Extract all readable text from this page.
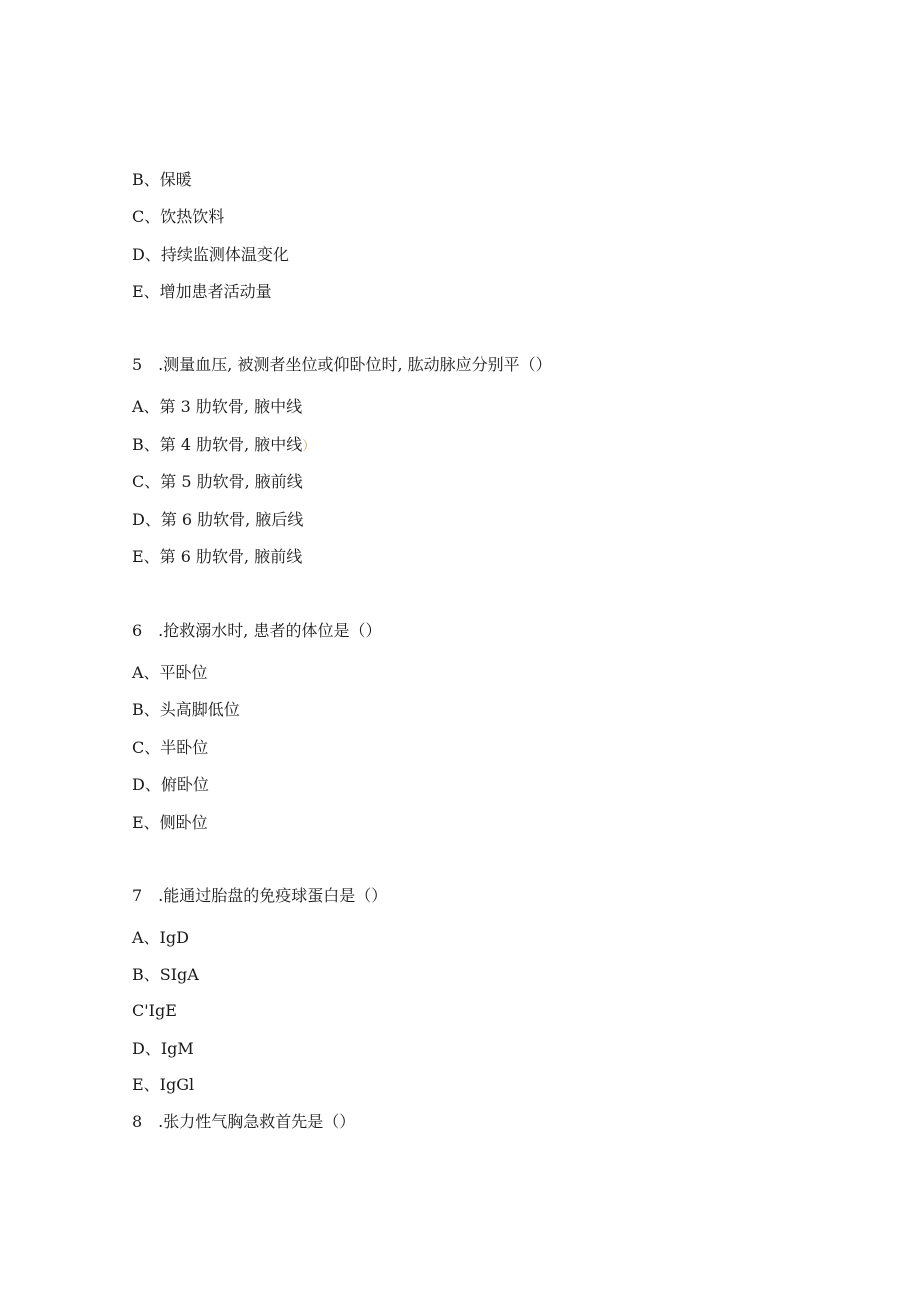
B、保暖
C、饮热饮料
D、持续监测体温变化
E、增加患者活动量
5　.测量血压, 被测者坐位或仰卧位时, 肱动脉应分别平（）
A、第 3 肋软骨, 腋中线
B、第 4 肋软骨, 腋中线）
C、第 5 肋软骨, 腋前线
D、第 6 肋软骨, 腋后线
E、第 6 肋软骨, 腋前线
6　.抢救溺水时, 患者的体位是（）
A、平卧位
B、头高脚低位
C、半卧位
D、俯卧位
E、侧卧位
7　.能通过胎盘的免疫球蛋白是（）
A、IgD
B、SIgA
C'IgE
D、IgM
E、IgGl
8　.张力性气胸急救首先是（）
